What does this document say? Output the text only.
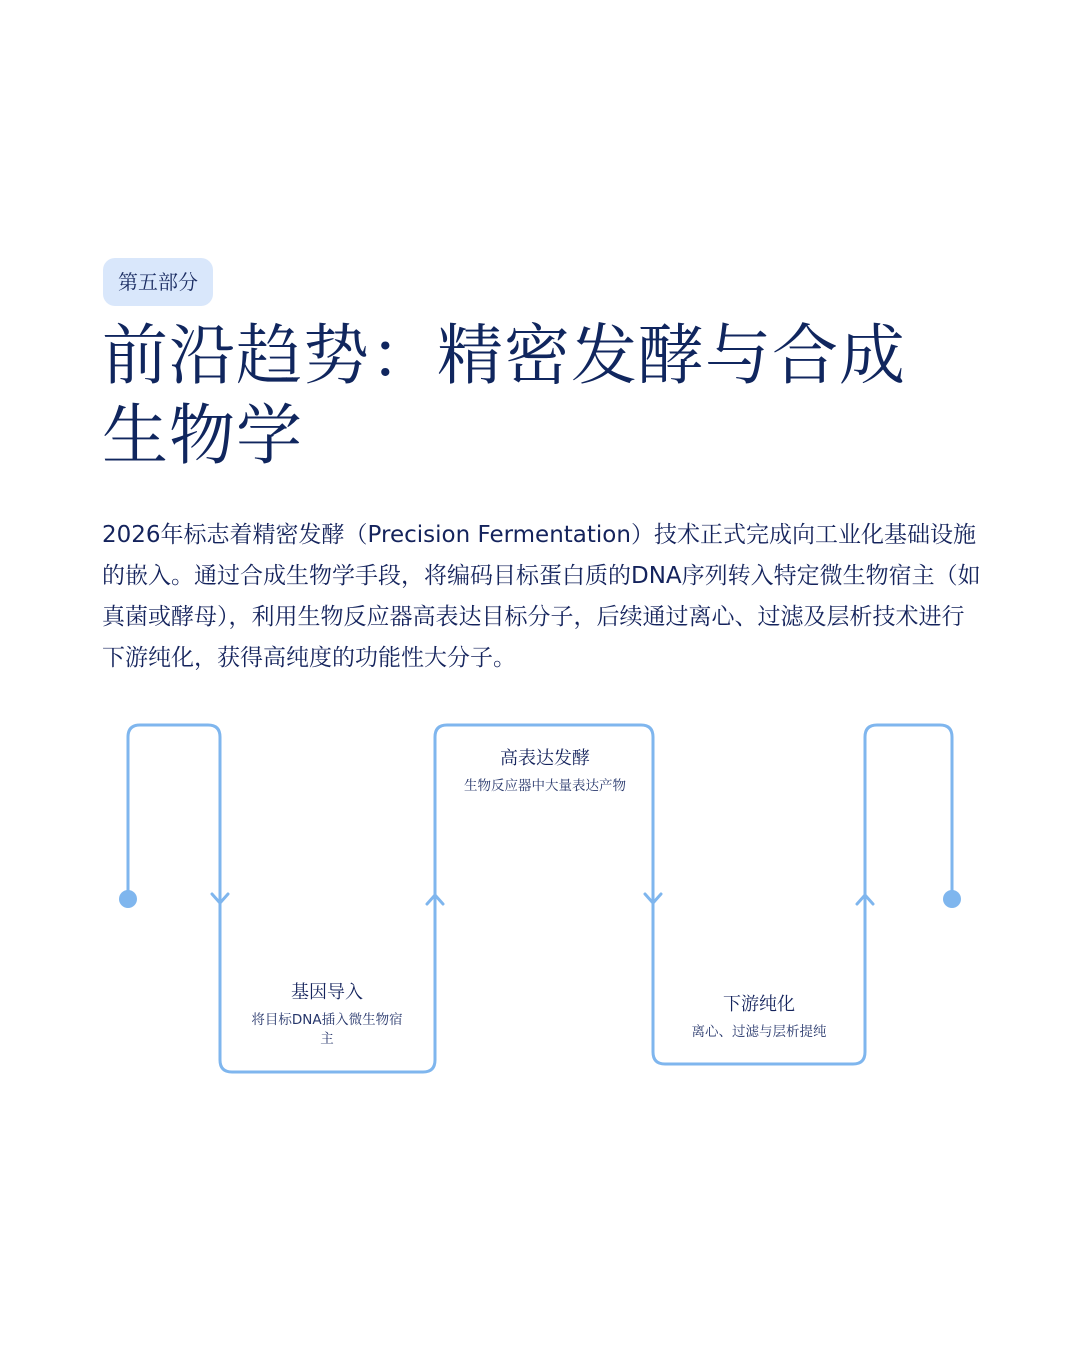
第五部分
前沿趋势：精密发酵与合成生物学

2026年标志着精密发酵（Precision Fermentation）技术正式完成向工业化基础设施的嵌入。通过合成生物学手段，将编码目标蛋白质的DNA序列转入特定微生物宿主（如真菌或酵母），利用生物反应器高表达目标分子，后续通过离心、过滤及层析技术进行下游纯化，获得高纯度的功能性大分子。

基因导入
将目标DNA插入微生物宿主
高表达发酵
生物反应器中大量表达产物
下游纯化
离心、过滤与层析提纯
